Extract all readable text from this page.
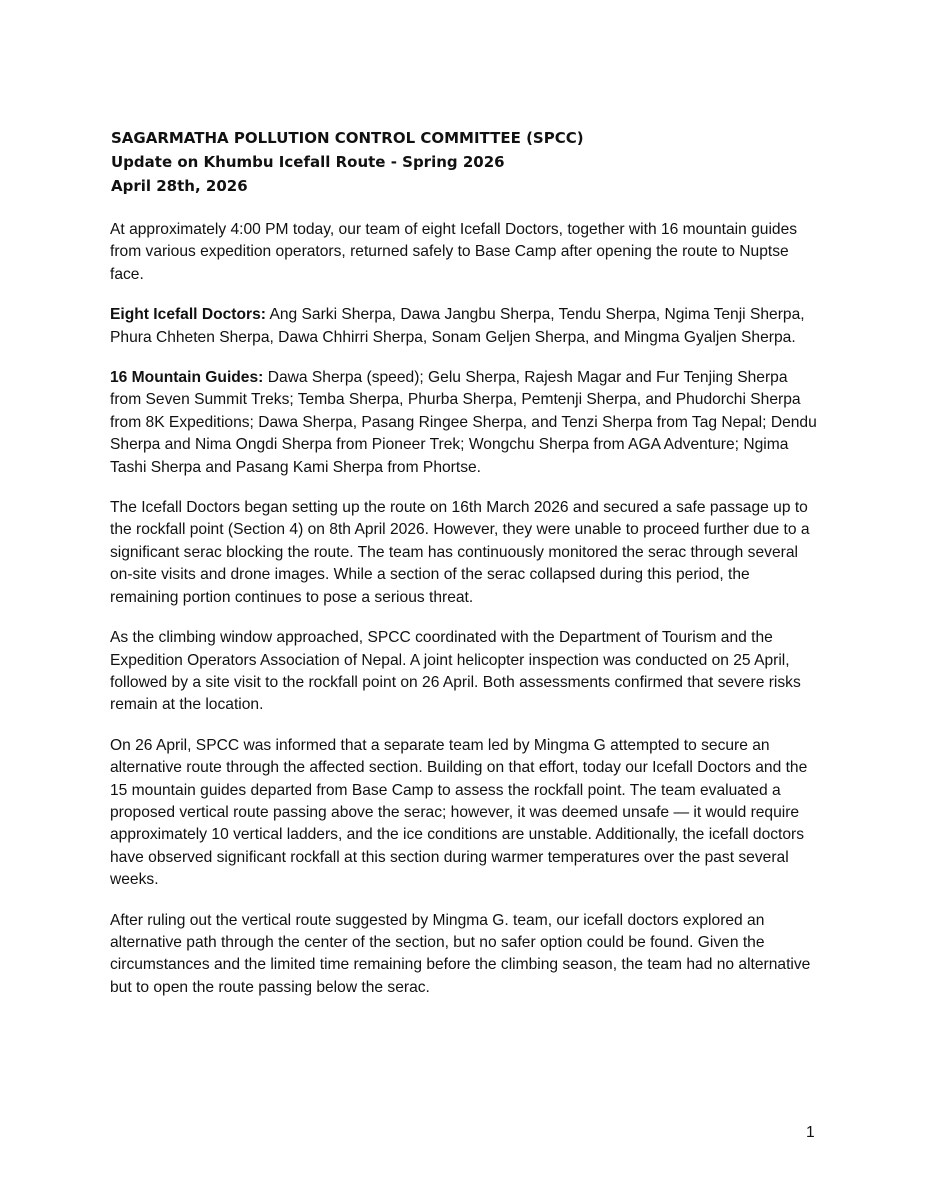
SAGARMATHA POLLUTION CONTROL COMMITTEE (SPCC)
Update on Khumbu Icefall Route - Spring 2026
April 28th, 2026

At approximately 4:00 PM today, our team of eight Icefall Doctors, together with 16 mountain guides from various expedition operators, returned safely to Base Camp after opening the route to Nuptse face.

Eight Icefall Doctors: Ang Sarki Sherpa, Dawa Jangbu Sherpa, Tendu Sherpa, Ngima Tenji Sherpa, Phura Chheten Sherpa, Dawa Chhirri Sherpa, Sonam Geljen Sherpa, and Mingma Gyaljen Sherpa.

16 Mountain Guides: Dawa Sherpa (speed); Gelu Sherpa, Rajesh Magar and Fur Tenjing Sherpa from Seven Summit Treks; Temba Sherpa, Phurba Sherpa, Pemtenji Sherpa, and Phudorchi Sherpa from 8K Expeditions; Dawa Sherpa, Pasang Ringee Sherpa, and Tenzi Sherpa from Tag Nepal; Dendu Sherpa and Nima Ongdi Sherpa from Pioneer Trek; Wongchu Sherpa from AGA Adventure; Ngima Tashi Sherpa and Pasang Kami Sherpa from Phortse.

The Icefall Doctors began setting up the route on 16th March 2026 and secured a safe passage up to the rockfall point (Section 4) on 8th April 2026. However, they were unable to proceed further due to a significant serac blocking the route. The team has continuously monitored the serac through several on-site visits and drone images. While a section of the serac collapsed during this period, the remaining portion continues to pose a serious threat.

As the climbing window approached, SPCC coordinated with the Department of Tourism and the Expedition Operators Association of Nepal. A joint helicopter inspection was conducted on 25 April, followed by a site visit to the rockfall point on 26 April. Both assessments confirmed that severe risks remain at the location.

On 26 April, SPCC was informed that a separate team led by Mingma G attempted to secure an alternative route through the affected section. Building on that effort, today our Icefall Doctors and the 15 mountain guides departed from Base Camp to assess the rockfall point. The team evaluated a proposed vertical route passing above the serac; however, it was deemed unsafe — it would require approximately 10 vertical ladders, and the ice conditions are unstable. Additionally, the icefall doctors have observed significant rockfall at this section during warmer temperatures over the past several weeks.

After ruling out the vertical route suggested by Mingma G. team, our icefall doctors explored an alternative path through the center of the section, but no safer option could be found. Given the circumstances and the limited time remaining before the climbing season, the team had no alternative but to open the route passing below the serac.

1
